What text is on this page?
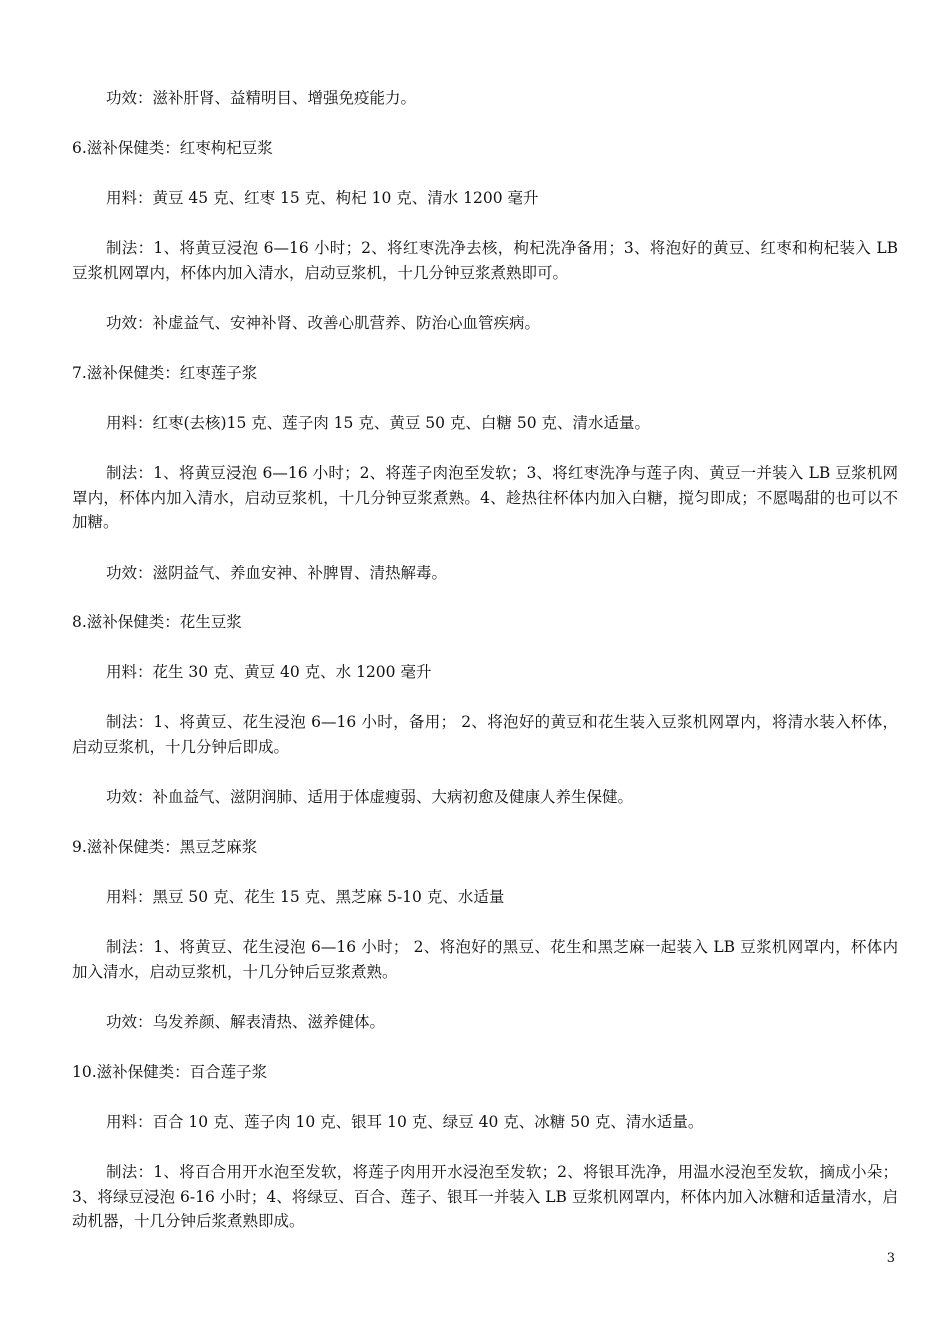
功效：滋补肝肾、益精明目、增强免疫能力。

6.滋补保健类：红枣枸杞豆浆

用料：黄豆 45 克、红枣 15 克、枸杞 10 克、清水 1200 毫升

制法：1、将黄豆浸泡 6—16 小时；2、将红枣洗净去核，枸杞洗净备用；3、将泡好的黄豆、红枣和枸杞装入 LB 豆浆机网罩内，杯体内加入清水，启动豆浆机，十几分钟豆浆煮熟即可。

功效：补虚益气、安神补肾、改善心肌营养、防治心血管疾病。

7.滋补保健类：红枣莲子浆

用料：红枣(去核)15 克、莲子肉 15 克、黄豆 50 克、白糖 50 克、清水适量。

制法：1、将黄豆浸泡 6—16 小时；2、将莲子肉泡至发软；3、将红枣洗净与莲子肉、黄豆一并装入 LB 豆浆机网罩内，杯体内加入清水，启动豆浆机，十几分钟豆浆煮熟。4、趁热往杯体内加入白糖，搅匀即成；不愿喝甜的也可以不加糖。

功效：滋阴益气、养血安神、补脾胃、清热解毒。

8.滋补保健类：花生豆浆

用料：花生 30 克、黄豆 40 克、水 1200 毫升

制法：1、将黄豆、花生浸泡 6—16 小时，备用； 2、将泡好的黄豆和花生装入豆浆机网罩内，将清水装入杯体，启动豆浆机，十几分钟后即成。

功效：补血益气、滋阴润肺、适用于体虚瘦弱、大病初愈及健康人养生保健。

9.滋补保健类：黑豆芝麻浆

用料：黑豆 50 克、花生 15 克、黑芝麻 5-10 克、水适量

制法：1、将黄豆、花生浸泡 6—16 小时； 2、将泡好的黑豆、花生和黑芝麻一起装入 LB 豆浆机网罩内，杯体内加入清水，启动豆浆机，十几分钟后豆浆煮熟。

功效：乌发养颜、解表清热、滋养健体。

10.滋补保健类：百合莲子浆

用料：百合 10 克、莲子肉 10 克、银耳 10 克、绿豆 40 克、冰糖 50 克、清水适量。

制法：1、将百合用开水泡至发软，将莲子肉用开水浸泡至发软；2、将银耳洗净，用温水浸泡至发软，摘成小朵；3、将绿豆浸泡 6-16 小时；4、将绿豆、百合、莲子、银耳一并装入 LB 豆浆机网罩内，杯体内加入冰糖和适量清水，启动机器，十几分钟后浆煮熟即成。

3
